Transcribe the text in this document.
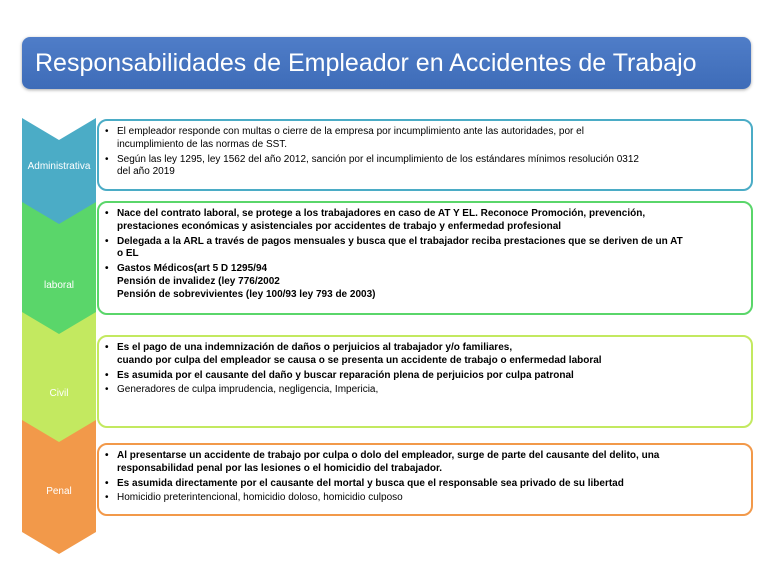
Responsabilidades de Empleador en Accidentes de Trabajo
Administrativa
• El empleador responde con multas o cierre de la empresa por incumplimiento ante las autoridades, por el
incumplimiento de las normas de SST.
• Según las ley 1295, ley 1562 del año 2012, sanción por el incumplimiento de los estándares mínimos resolución 0312
del año 2019
laboral
• Nace del contrato laboral, se protege a los trabajadores en caso de AT Y EL. Reconoce Promoción, prevención,
prestaciones económicas y asistenciales por accidentes de trabajo y enfermedad profesional
• Delegada a la ARL a través de pagos mensuales y busca que el trabajador reciba prestaciones que se deriven de un AT
o EL
• Gastos Médicos(art 5 D 1295/94
Pensión de invalidez (ley 776/2002
Pensión de sobrevivientes (ley 100/93 ley 793 de 2003)
Civil
• Es el pago de una indemnización de daños o perjuicios al trabajador y/o familiares,
cuando por culpa del empleador se causa o se presenta un accidente de trabajo o enfermedad laboral
• Es asumida por el causante del daño y buscar reparación plena de perjuicios por culpa patronal
• Generadores de culpa imprudencia, negligencia, Impericia,
Penal
• Al presentarse un accidente de trabajo por culpa o dolo del empleador, surge de parte del causante del delito, una
responsabilidad penal por las lesiones o el homicidio del trabajador.
• Es asumida directamente por el causante del mortal y busca que el responsable sea privado de su libertad
• Homicidio preterintencional, homicidio doloso, homicidio culposo
